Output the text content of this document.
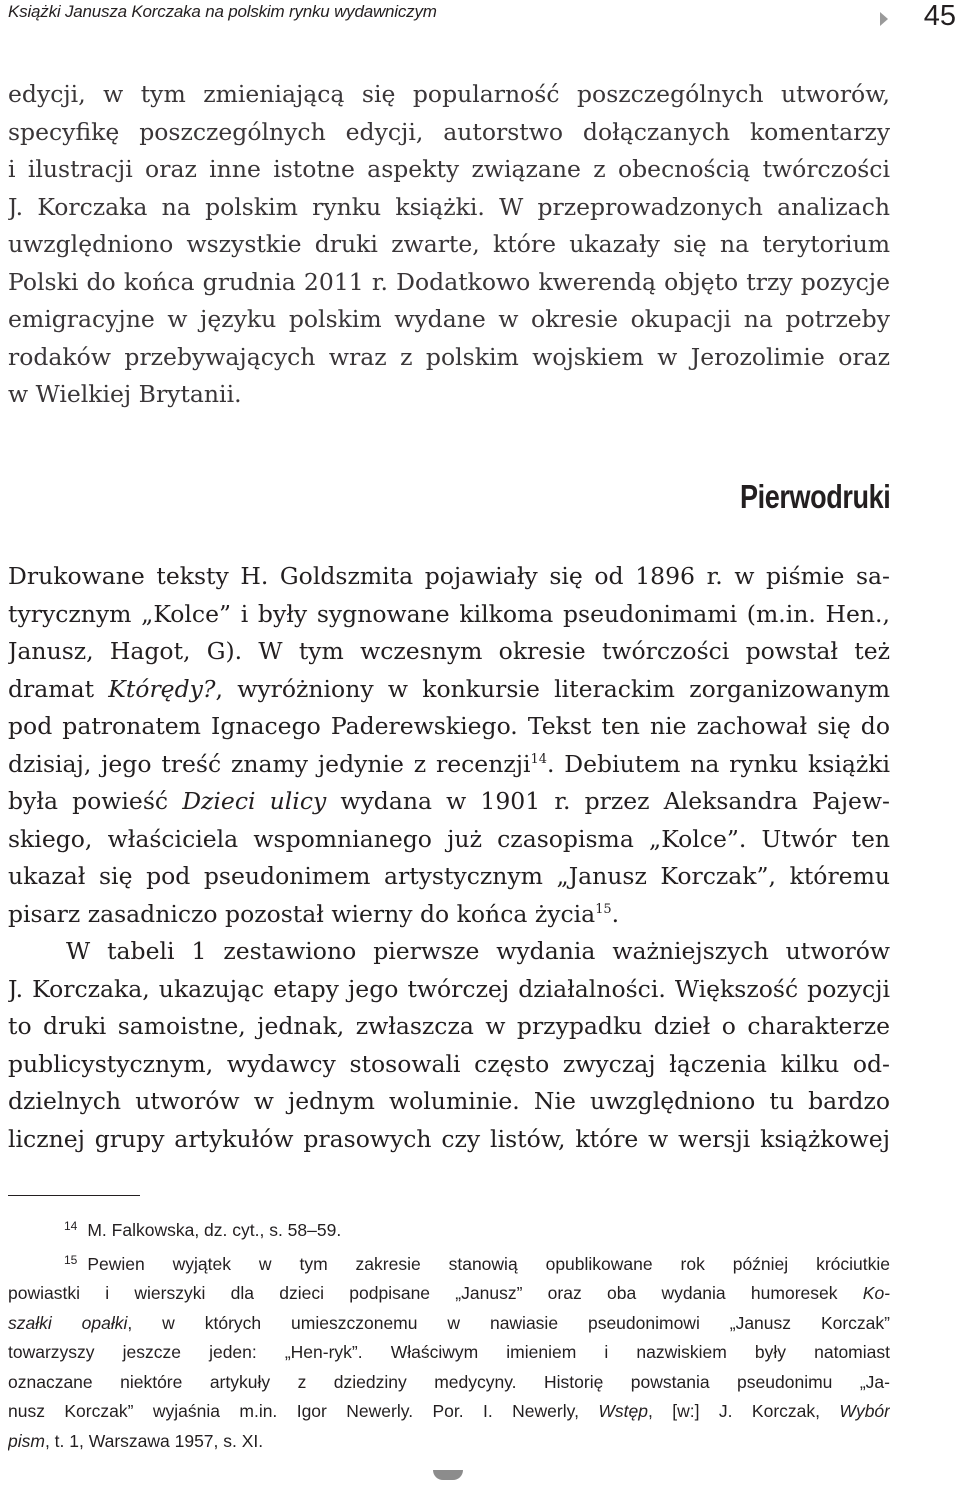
Książki Janusza Korczaka na polskim rynku wydawniczym	45
edycji, w tym zmieniającą się popularność poszczególnych utworów,
specyfikę poszczególnych edycji, autorstwo dołączanych komentarzy
i ilustracji oraz inne istotne aspekty związane z obecnością twórczości
J. Korczaka na polskim rynku książki. W przeprowadzonych analizach
uwzględniono wszystkie druki zwarte, które ukazały się na terytorium
Polski do końca grudnia 2011 r. Dodatkowo kwerendą objęto trzy pozycje
emigracyjne w języku polskim wydane w okresie okupacji na potrzeby
rodaków przebywających wraz z polskim wojskiem w Jerozolimie oraz
w Wielkiej Brytanii.
Pierwodruki
Drukowane teksty H. Goldszmita pojawiały się od 1896 r. w piśmie sa-
tyrycznym „Kolce” i były sygnowane kilkoma pseudonimami (m.in. Hen.,
Janusz, Hagot, G). W tym wczesnym okresie twórczości powstał też
dramat Którędy?, wyróżniony w konkursie literackim zorganizowanym
pod patronatem Ignacego Paderewskiego. Tekst ten nie zachował się do
dzisiaj, jego treść znamy jedynie z recenzji$^{14}$. Debiutem na rynku książki
była powieść Dzieci ulicy wydana w 1901 r. przez Aleksandra Pajew-
skiego, właściciela wspomnianego już czasopisma „Kolce”. Utwór ten
ukazał się pod pseudonimem artystycznym „Janusz Korczak”, któremu
pisarz zasadniczo pozostał wierny do końca życia$^{15}$.
W tabeli 1 zestawiono pierwsze wydania ważniejszych utworów
J. Korczaka, ukazując etapy jego twórczej działalności. Większość pozycji
to druki samoistne, jednak, zwłaszcza w przypadku dzieł o charakterze
publicystycznym, wydawcy stosowali często zwyczaj łączenia kilku od-
dzielnych utworów w jednym woluminie. Nie uwzględniono tu bardzo
licznej grupy artykułów prasowych czy listów, które w wersji książkowej
14 M. Falkowska, dz. cyt., s. 58–59.
15 Pewien wyjątek w tym zakresie stanowią opublikowane rok później króciutkie
powiastki i wierszyki dla dzieci podpisane „Janusz” oraz oba wydania humoresek Ko-
szałki opałki, w których umieszczonemu w nawiasie pseudonimowi „Janusz Korczak”
towarzyszy jeszcze jeden: „Hen-ryk”. Właściwym imieniem i nazwiskiem były natomiast
oznaczane niektóre artykuły z dziedziny medycyny. Historię powstania pseudonimu „Ja-
nusz Korczak” wyjaśnia m.in. Igor Newerly. Por. I. Newerly, Wstęp, [w:] J. Korczak, Wybór
pism, t. 1, Warszawa 1957, s. XI.
